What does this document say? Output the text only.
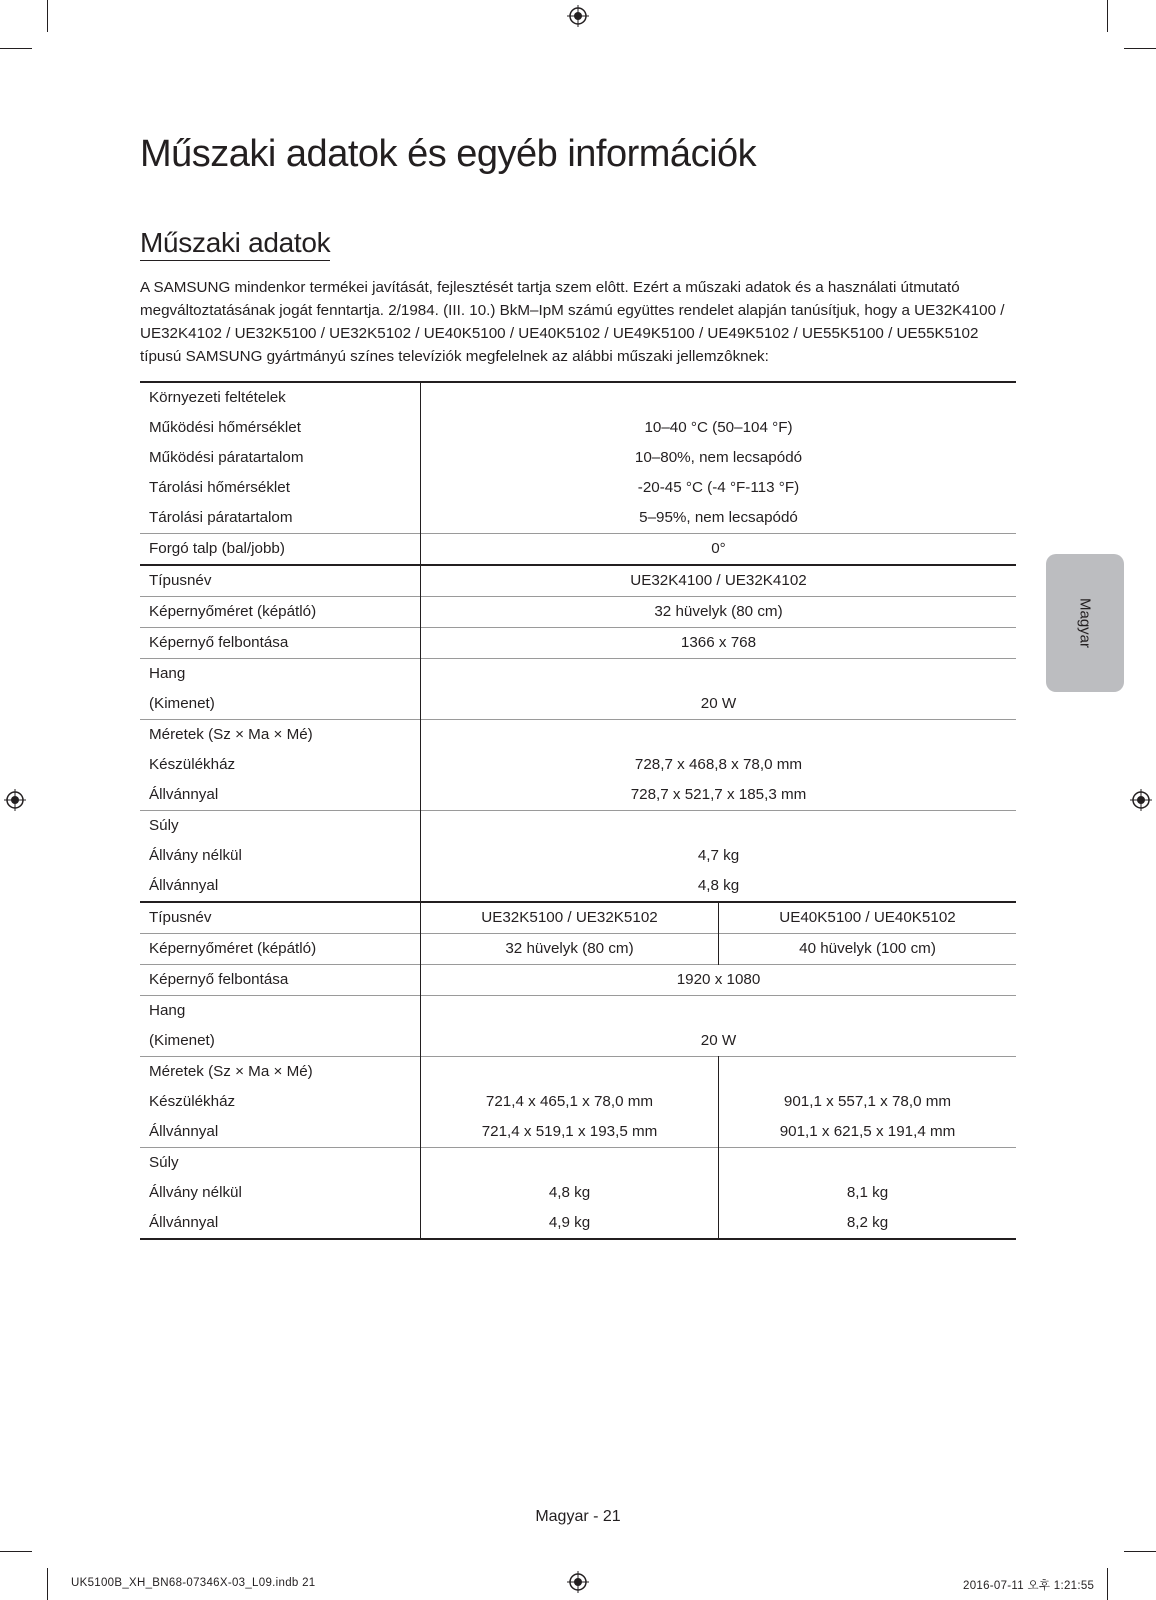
Műszaki adatok és egyéb információk
Műszaki adatok

A SAMSUNG mindenkor termékei javítását, fejlesztését tartja szem elôtt. Ezért a műszaki adatok és a használati útmutató megváltoztatásának jogát fenntartja. 2/1984. (III. 10.) BkM–IpM számú együttes rendelet alapján tanúsítjuk, hogy a UE32K4100 / UE32K4102 / UE32K5100 / UE32K5102 / UE40K5100 / UE40K5102 / UE49K5100 / UE49K5102 / UE55K5100 / UE55K5102 típusú SAMSUNG gyártmányú színes televíziók megfelelnek az alábbi műszaki jellemzôknek:

Környezeti feltételek		
Működési hőmérséklet	10–40 °C (50–104 °F)	
Működési páratartalom	10–80%, nem lecsapódó	
Tárolási hőmérséklet	-20-45 °C (-4 °F-113 °F)	
Tárolási páratartalom	5–95%, nem lecsapódó	
Forgó talp (bal/jobb)	0°	
Típusnév	UE32K4100 / UE32K4102	
Képernyőméret (képátló)	32 hüvelyk (80 cm)	
Képernyő felbontása	1366 x 768	
Hang		
(Kimenet)	20 W	
Méretek (Sz × Ma × Mé)		
Készülékház	728,7 x 468,8 x 78,0 mm	
Állvánnyal	728,7 x 521,7 x 185,3 mm	
Súly		
Állvány nélkül	4,7 kg	
Állvánnyal	4,8 kg	
Típusnév	UE32K5100 / UE32K5102	UE40K5100 / UE40K5102
Képernyőméret (képátló)	32 hüvelyk (80 cm)	40 hüvelyk (100 cm)
Képernyő felbontása	1920 x 1080	
Hang		
(Kimenet)	20 W	
Méretek (Sz × Ma × Mé)		
Készülékház	721,4 x 465,1 x 78,0 mm	901,1 x 557,1 x 78,0 mm
Állvánnyal	721,4 x 519,1 x 193,5 mm	901,1 x 621,5 x 191,4 mm
Súly		
Állvány nélkül	4,8 kg	8,1 kg
Állvánnyal	4,9 kg	8,2 kg
Magyar
Magyar - 21
UK5100B_XH_BN68-07346X-03_L09.indb 21	2016-07-11 오후 1:21:55
